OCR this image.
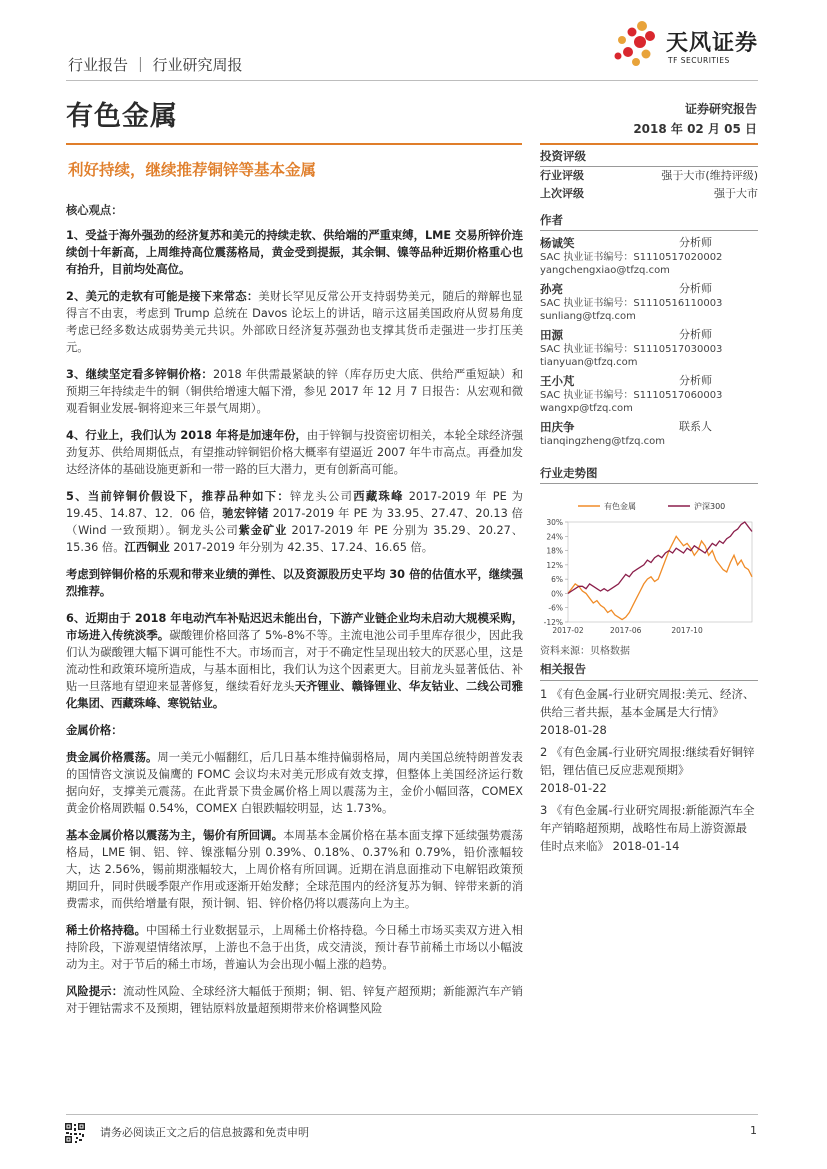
天风证券
TF SECURITIES
行业报告 ｜ 行业研究周报
有色金属	证券研究报告
2018 年 02 月 05 日
利好持续，继续推荐铜锌等基本金属

核心观点：

1、受益于海外强劲的经济复苏和美元的持续走软、供给端的严重束缚，LME 交易所锌价连续创十年新高，上周维持高位震荡格局，黄金受到提振，其余铜、镍等品种近期价格重心也有抬升，目前均处高位。

2、美元的走软有可能是接下来常态：美财长罕见反常公开支持弱势美元，随后的辩解也显得言不由衷，考虑到 Trump 总统在 Davos 论坛上的讲话，暗示这届美国政府从贸易角度考虑已经多数达成弱势美元共识。外部欧日经济复苏强劲也支撑其货币走强进一步打压美元。

3、继续坚定看多锌铜价格：2018 年供需最紧缺的锌（库存历史大底、供给严重短缺）和预期三年持续走牛的铜（铜供给增速大幅下滑，参见 2017 年 12 月 7 日报告：从宏观和微观看铜业发展-铜将迎来三年景气周期）。

4、行业上，我们认为 2018 年将是加速年份，由于锌铜与投资密切相关，本轮全球经济强劲复苏、供给周期低点，有望推动锌铜铝价格大概率有望逼近 2007 年牛市高点。再叠加发达经济体的基础设施更新和一带一路的巨大潜力，更有创新高可能。

5、当前锌铜价假设下，推荐品种如下：锌龙头公司西藏珠峰 2017-2019 年 PE 为 19.45、14.87、12．06 倍，驰宏锌锗 2017-2019 年 PE 为 33.95、27.47、20.13 倍（Wind 一致预期）。铜龙头公司紫金矿业 2017-2019 年 PE 分别为 35.29、20.27、15.36 倍。江西铜业 2017-2019 年分别为 42.35、17.24、16.65 倍。

考虑到锌铜价格的乐观和带来业绩的弹性、以及资源股历史平均 30 倍的估值水平，继续强烈推荐。

6、近期由于 2018 年电动汽车补贴迟迟未能出台，下游产业链企业均未启动大规模采购，市场进入传统淡季。碳酸锂价格回落了 5%-8%不等。主流电池公司手里库存很少，因此我们认为碳酸锂大幅下调可能性不大。市场而言，对于不确定性呈现出较大的厌恶心里，这是流动性和政策环境所造成，与基本面相比，我们认为这个因素更大。目前龙头显著低估、补贴一旦落地有望迎来显著修复，继续看好龙头天齐锂业、赣锋锂业、华友钴业、二线公司雅化集团、西藏珠峰、寒锐钴业。

金属价格：

贵金属价格震荡。周一美元小幅翻红，后几日基本维持偏弱格局，周内美国总统特朗普发表的国情咨文演说及偏鹰的 FOMC 会议均未对美元形成有效支撑，但整体上美国经济运行数据向好，支撑美元震荡。在此背景下贵金属价格上周以震荡为主，金价小幅回落，COMEX 黄金价格周跌幅 0.54%，COMEX 白银跌幅较明显，达 1.73%。

基本金属价格以震荡为主，锡价有所回调。本周基本金属价格在基本面支撑下延续强势震荡格局，LME 铜、铝、锌、镍涨幅分别 0.39%、0.18%、0.37%和 0.79%，铅价涨幅较大，达 2.56%，锡前期涨幅较大，上周价格有所回调。近期在消息面推动下电解铝政策预期回升，同时供暖季限产作用或逐渐开始发酵；全球范围内的经济复苏为铜、锌带来新的消费需求，而供给增量有限，预计铜、铝、锌价格仍将以震荡向上为主。

稀土价格持稳。中国稀土行业数据显示，上周稀土价格持稳。今日稀土市场买卖双方进入相持阶段，下游观望情绪浓厚，上游也不急于出货，成交清淡，预计春节前稀土市场以小幅波动为主。对于节后的稀土市场，普遍认为会出现小幅上涨的趋势。

风险提示：流动性风险、全球经济大幅低于预期；铜、铝、锌复产超预期；新能源汽车产销对于锂钴需求不及预期，锂钴原料放量超预期带来价格调整风险

投资评级
行业评级	强于大市(维持评级)
上次评级	强于大市
作者
杨诚笑	分析师
SAC 执业证书编号：S1110517020002
yangchengxiao@tfzq.com
孙亮	分析师
SAC 执业证书编号：S1110516110003
sunliang@tfzq.com
田源	分析师
SAC 执业证书编号：S1110517030003
tianyuan@tfzq.com
王小芃	分析师
SAC 执业证书编号：S1110517060003
wangxp@tfzq.com
田庆争	联系人
tianqingzheng@tfzq.com
行业走势图
30%
24%
18%
12%
6%
0%
-6%
-12%
2017-02	2017-06	2017-10
有色金属	沪深300
资料来源：贝格数据
相关报告
1 《有色金属-行业研究周报:美元、经济、供给三者共振，基本金属是大行情》
2018-01-28
2 《有色金属-行业研究周报:继续看好铜锌铝，锂估值已反应悲观预期》
2018-01-22
3 《有色金属-行业研究周报:新能源汽车全年产销略超预期，战略性布局上游资源最佳时点来临》 2018-01-14
请务必阅读正文之后的信息披露和免责申明	1
